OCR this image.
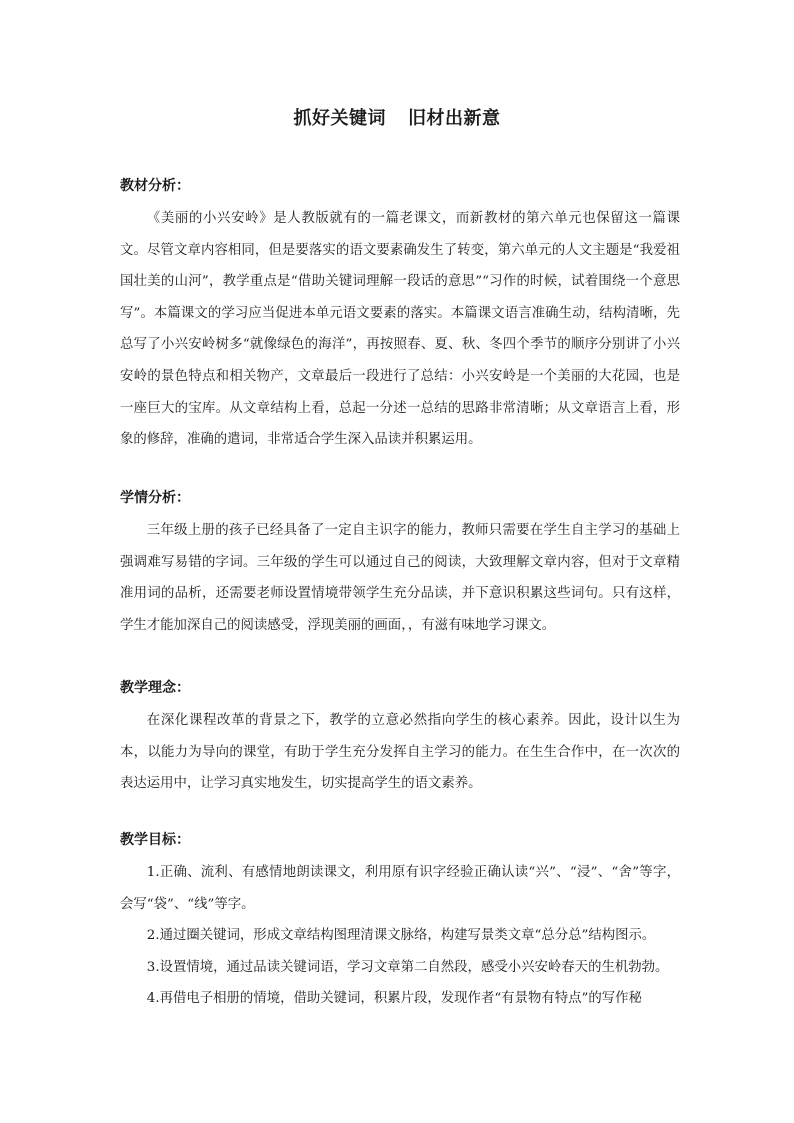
抓好关键词 旧材出新意
教材分析：

《美丽的小兴安岭》是人教版就有的一篇老课文，而新教材的第六单元也保留这一篇课文。尽管文章内容相同，但是要落实的语文要素确发生了转变，第六单元的人文主题是“我爱祖国壮美的山河”，教学重点是“借助关键词理解一段话的意思”“习作的时候，试着围绕一个意思写”。本篇课文的学习应当促进本单元语文要素的落实。本篇课文语言准确生动，结构清晰，先总写了小兴安岭树多“就像绿色的海洋”，再按照春、夏、秋、冬四个季节的顺序分别讲了小兴安岭的景色特点和相关物产，文章最后一段进行了总结：小兴安岭是一个美丽的大花园，也是一座巨大的宝库。从文章结构上看，总起一分述一总结的思路非常清晰；从文章语言上看，形象的修辞，准确的遣词，非常适合学生深入品读并积累运用。

学情分析：

三年级上册的孩子已经具备了一定自主识字的能力，教师只需要在学生自主学习的基础上强调难写易错的字词。三年级的学生可以通过自己的阅读，大致理解文章内容，但对于文章精准用词的品析，还需要老师设置情境带领学生充分品读，并下意识积累这些词句。只有这样，学生才能加深自己的阅读感受，浮现美丽的画面，，有滋有味地学习课文。

教学理念：

在深化课程改革的背景之下，教学的立意必然指向学生的核心素养。因此，设计以生为本，以能力为导向的课堂，有助于学生充分发挥自主学习的能力。在生生合作中，在一次次的表达运用中，让学习真实地发生，切实提高学生的语文素养。

教学目标：

1.正确、流利、有感情地朗读课文，利用原有识字经验正确认读“兴”、“浸”、“舍”等字，会写“袋”、“线”等字。

2.通过圈关键词，形成文章结构图理清课文脉络，构建写景类文章“总分总”结构图示。

3.设置情境，通过品读关键词语，学习文章第二自然段，感受小兴安岭春天的生机勃勃。

4.再借电子相册的情境，借助关键词，积累片段，发现作者“有景物有特点”的写作秘
